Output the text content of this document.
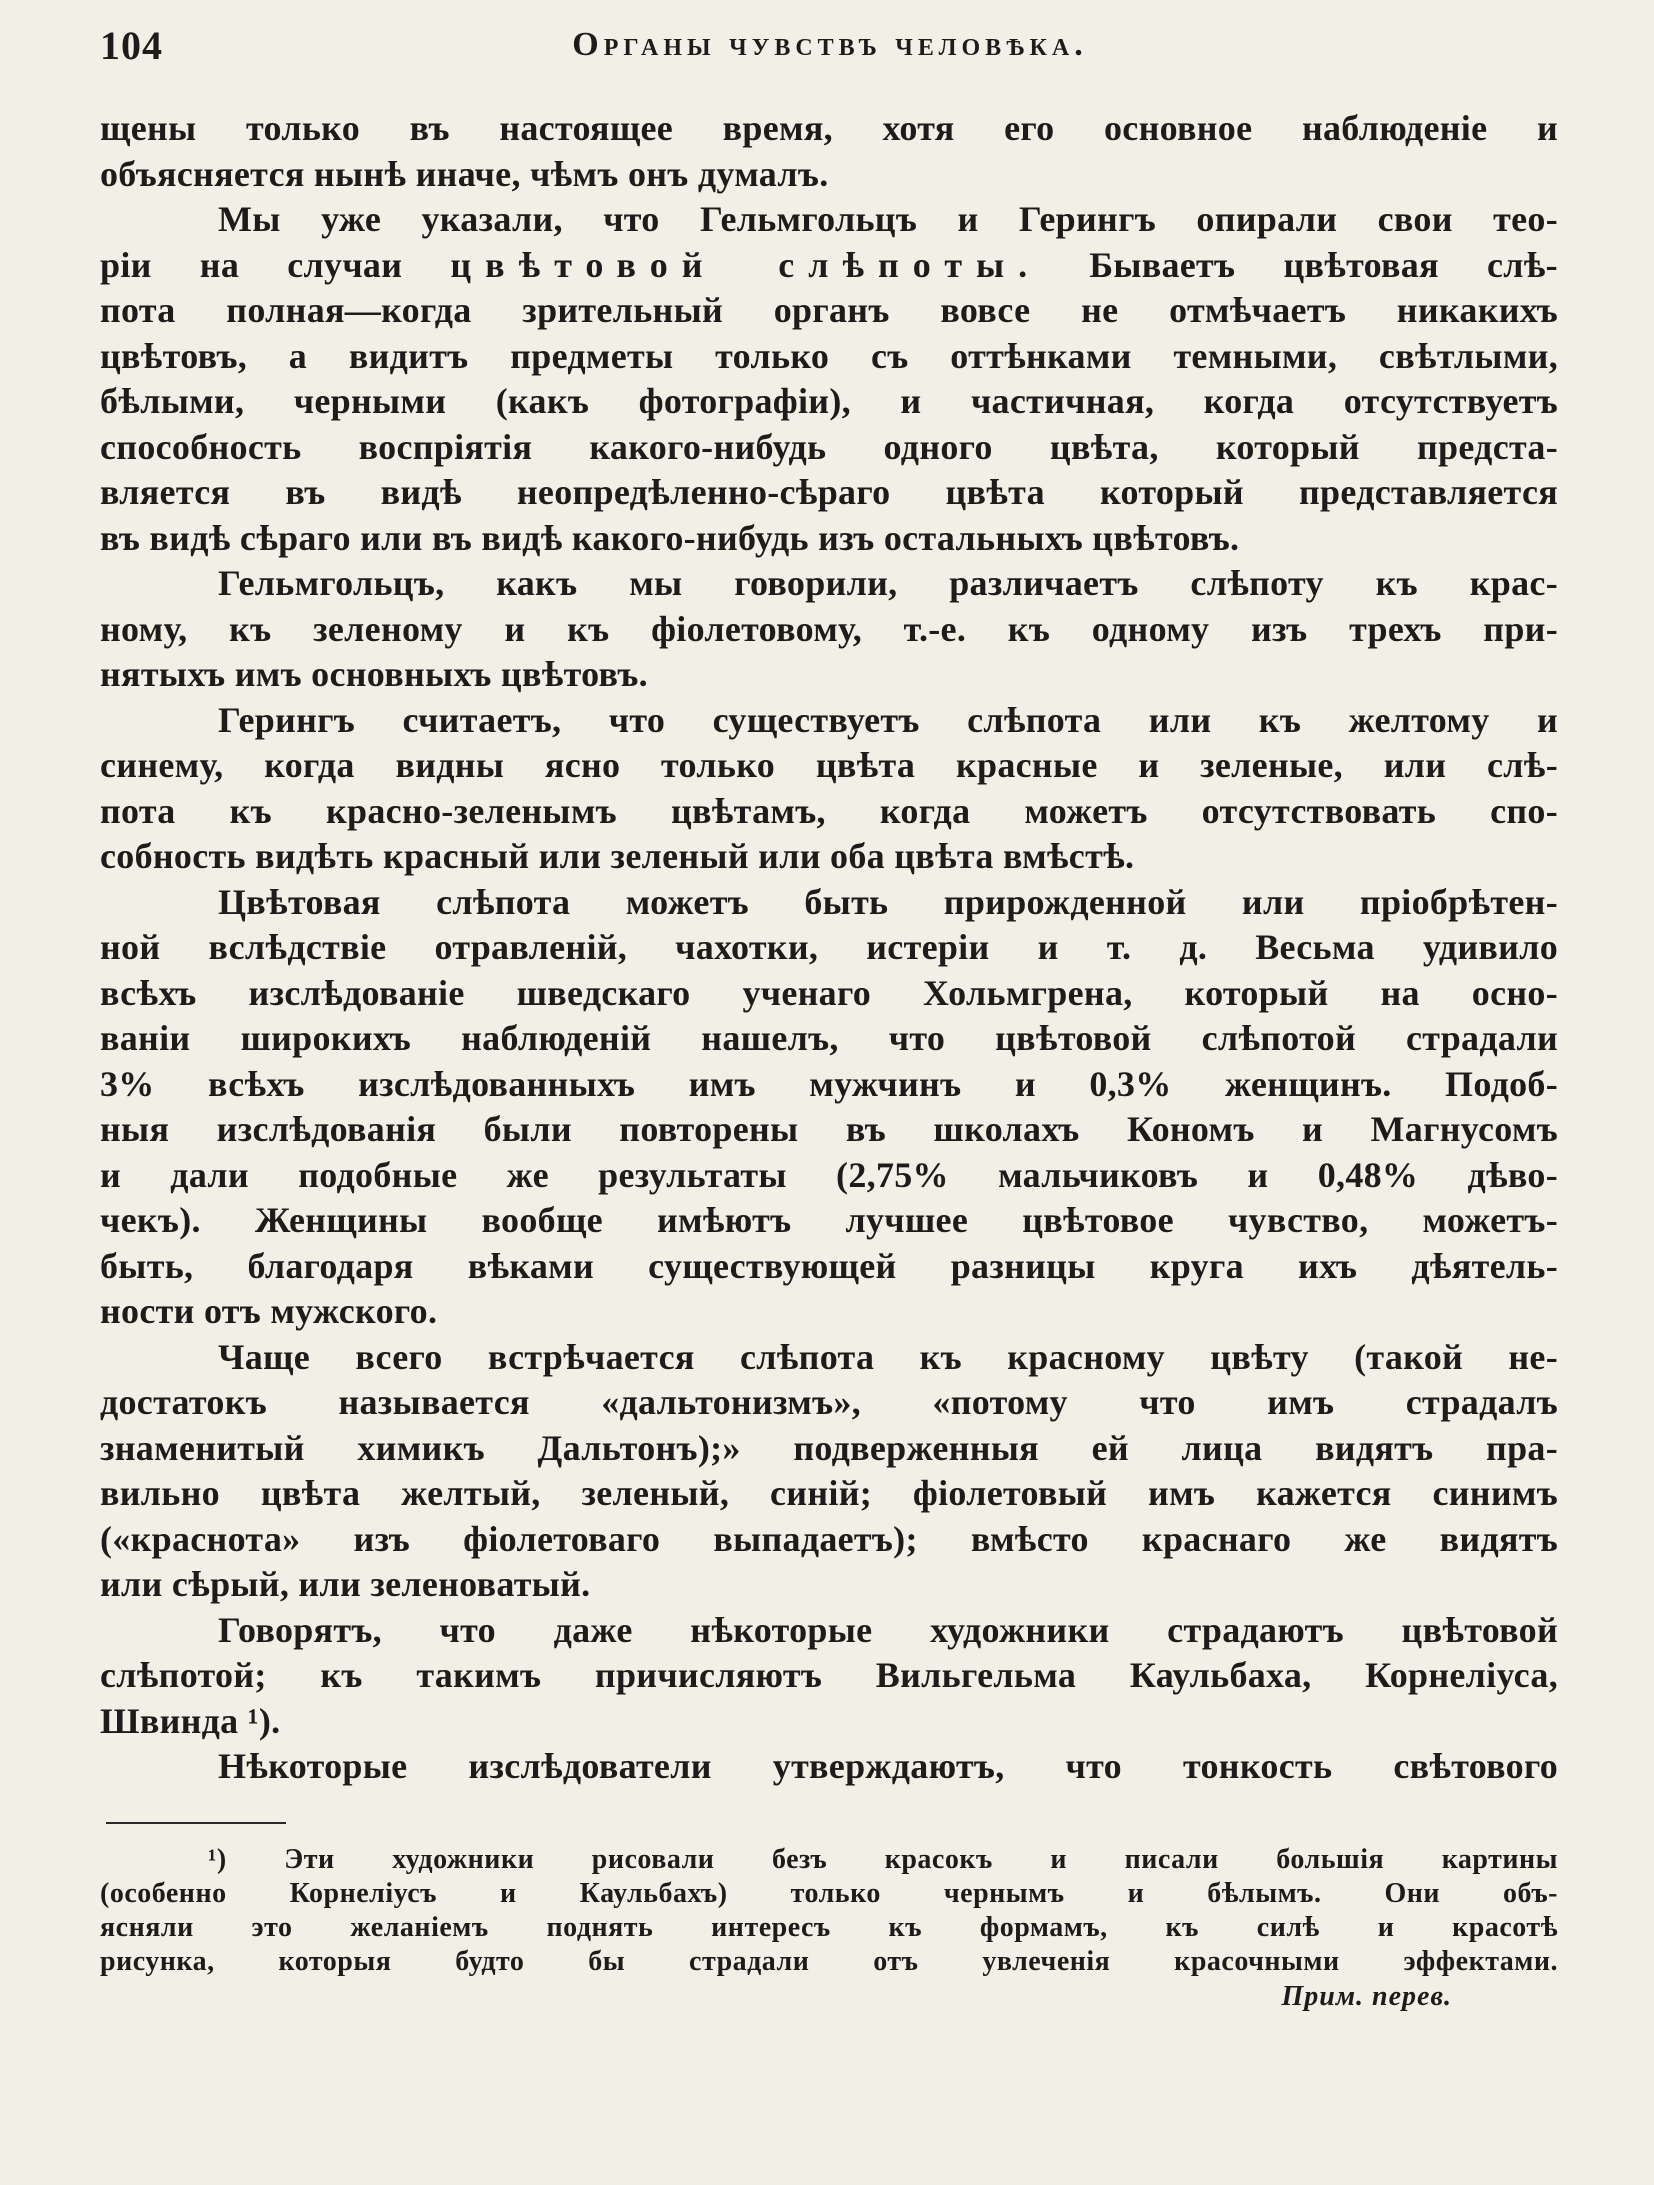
104	Органы чувствъ человѣка.
щены только въ настоящее время, хотя его основное наблюденіе и
объясняется нынѣ иначе, чѣмъ онъ думалъ.
Мы уже указали, что Гельмгольцъ и Герингъ опирали свои тео-
ріи на случаи цвѣтовой слѣпоты. Бываетъ цвѣтовая слѣ-
пота полная—когда зрительный органъ вовсе не отмѣчаетъ никакихъ
цвѣтовъ, а видитъ предметы только съ оттѣнками темными, свѣтлыми,
бѣлыми, черными (какъ фотографіи), и частичная, когда отсутствуетъ
способность воспріятія какого-нибудь одного цвѣта, который предста-
вляется въ видѣ неопредѣленно-сѣраго цвѣта который представляется
въ видѣ сѣраго или въ видѣ какого-нибудь изъ остальныхъ цвѣтовъ.
Гельмгольцъ, какъ мы говорили, различаетъ слѣпоту къ крас-
ному, къ зеленому и къ фіолетовому, т.-е. къ одному изъ трехъ при-
нятыхъ имъ основныхъ цвѣтовъ.
Герингъ считаетъ, что существуетъ слѣпота или къ желтому и
синему, когда видны ясно только цвѣта красные и зеленые, или слѣ-
пота къ красно-зеленымъ цвѣтамъ, когда можетъ отсутствовать спо-
собность видѣть красный или зеленый или оба цвѣта вмѣстѣ.
Цвѣтовая слѣпота можетъ быть прирожденной или пріобрѣтен-
ной вслѣдствіе отравленій, чахотки, истеріи и т. д. Весьма удивило
всѣхъ изслѣдованіе шведскаго ученаго Хольмгрена, который на осно-
ваніи широкихъ наблюденій нашелъ, что цвѣтовой слѣпотой страдали
3% всѣхъ изслѣдованныхъ имъ мужчинъ и 0,3% женщинъ. Подоб-
ныя изслѣдованія были повторены въ школахъ Кономъ и Магнусомъ
и дали подобные же результаты (2,75% мальчиковъ и 0,48% дѣво-
чекъ). Женщины вообще имѣютъ лучшее цвѣтовое чувство, можетъ-
быть, благодаря вѣками существующей разницы круга ихъ дѣятель-
ности отъ мужского.
Чаще всего встрѣчается слѣпота къ красному цвѣту (такой не-
достатокъ называется «дальтонизмъ», «потому что имъ страдалъ
знаменитый химикъ Дальтонъ);» подверженныя ей лица видятъ пра-
вильно цвѣта желтый, зеленый, синій; фіолетовый имъ кажется синимъ
(«краснота» изъ фіолетоваго выпадаетъ); вмѣсто краснаго же видятъ
или сѣрый, или зеленоватый.
Говорятъ, что даже нѣкоторые художники страдаютъ цвѣтовой
слѣпотой; къ такимъ причисляютъ Вильгельма Каульбаха, Корнеліуса,
Швинда ¹).
Нѣкоторые изслѣдователи утверждаютъ, что тонкость свѣтового
¹) Эти художники рисовали безъ красокъ и писали большія картины
(особенно Корнеліусъ и Каульбахъ) только чернымъ и бѣлымъ. Они объ-
ясняли это желаніемъ поднять интересъ къ формамъ, къ силѣ и красотѣ
рисунка, которыя будто бы страдали отъ увлеченія красочными эффектами.
Прим. перев.
